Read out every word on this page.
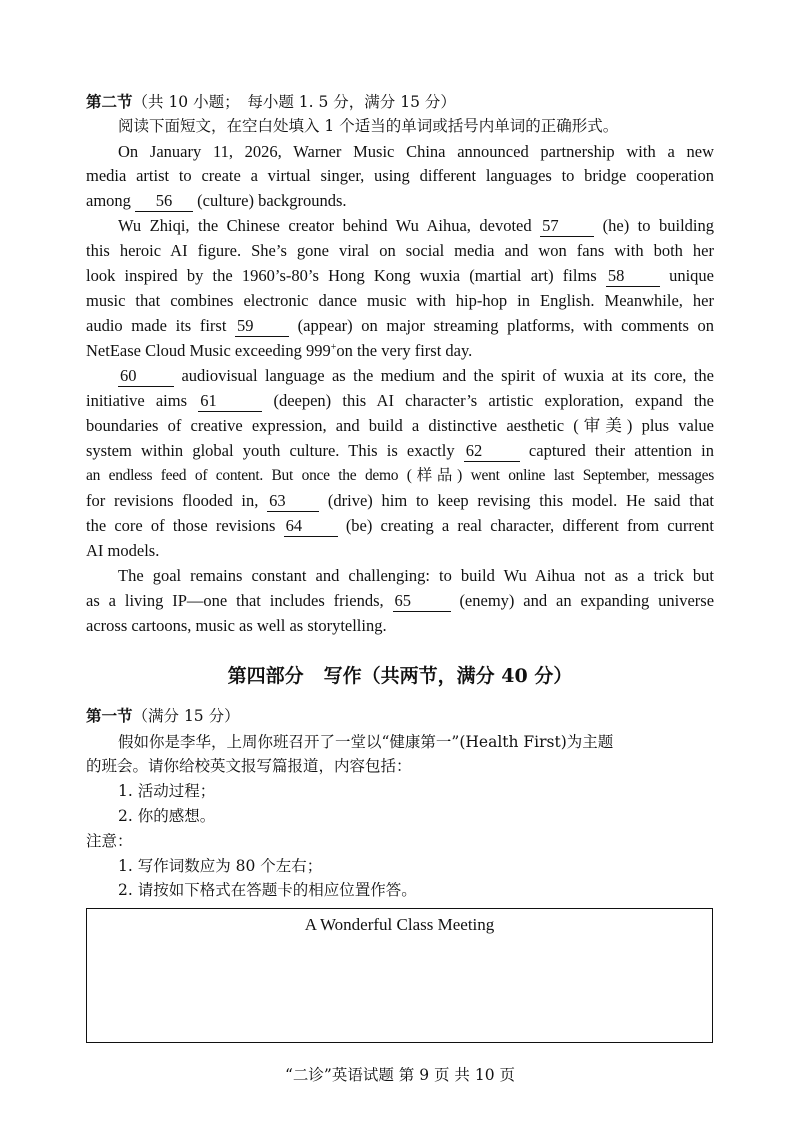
第二节（共 10 小题；　每小题 1. 5 分，满分 15 分）
阅读下面短文，在空白处填入 1 个适当的单词或括号内单词的正确形式。
On January 11, 2026, Warner Music China announced partnership with a new
media artist to create a virtual singer, using different languages to bridge cooperation
among 56 (culture) backgrounds.
Wu Zhiqi, the Chinese creator behind Wu Aihua, devoted 57	(he) to building
this heroic AI figure. She’s gone viral on social media and won fans with both her
look inspired by the 1960’s-80’s Hong Kong wuxia (martial art) films 58	unique
music that combines electronic dance music with hip-hop in English. Meanwhile, her
audio made its first 59	(appear) on major streaming platforms, with comments on
NetEase Cloud Music exceeding 999+on the very first day.
60	audiovisual language as the medium and the spirit of wuxia at its core, the
initiative aims 61	(deepen) this AI character’s artistic exploration, expand the
boundaries of creative expression, and build a distinctive aesthetic (审美) plus value
system within global youth culture. This is exactly 62	captured their attention in
an endless feed of content. But once the demo (样品) went online last September, messages
for revisions flooded in, 63	(drive) him to keep revising this model. He said that
the core of those revisions 64	(be) creating a real character, different from current
AI models.
The goal remains constant and challenging: to build Wu Aihua not as a trick but
as a living IP—one that includes friends, 65	(enemy) and an expanding universe
across cartoons, music as well as storytelling.
第四部分 写作（共两节，满分 40 分）
第一节（满分 15 分）
假如你是李华，上周你班召开了一堂以“健康第一”(Health First)为主题
的班会。请你给校英文报写篇报道，内容包括：
1. 活动过程；
2. 你的感想。
注意：
1. 写作词数应为 80 个左右；
2. 请按如下格式在答题卡的相应位置作答。
A Wonderful Class Meeting
“二诊”英语试题 第 9 页 共 10 页
